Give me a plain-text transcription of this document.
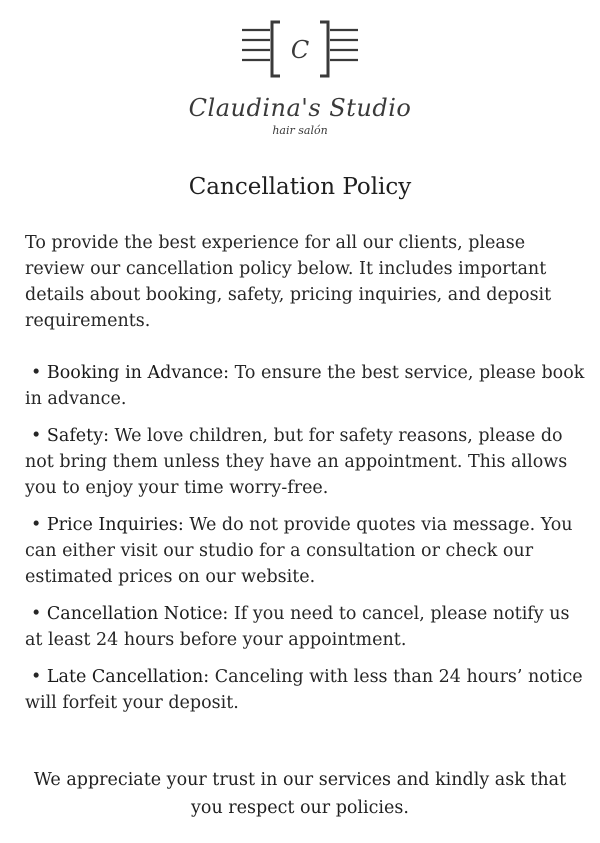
C
Claudina's Studio
hair salón
Cancellation Policy
To provide the best experience for all our clients, please review our cancellation policy below. It includes important details about booking, safety, pricing inquiries, and deposit requirements.
• Booking in Advance: To ensure the best service, please book in advance.
• Safety: We love children, but for safety reasons, please do not bring them unless they have an appointment. This allows you to enjoy your time worry-free.
• Price Inquiries: We do not provide quotes via message. You can either visit our studio for a consultation or check our estimated prices on our website.
• Cancellation Notice: If you need to cancel, please notify us at least 24 hours before your appointment.
• Late Cancellation: Canceling with less than 24 hours’ notice will forfeit your deposit.
We appreciate your trust in our services and kindly ask that you respect our policies.
